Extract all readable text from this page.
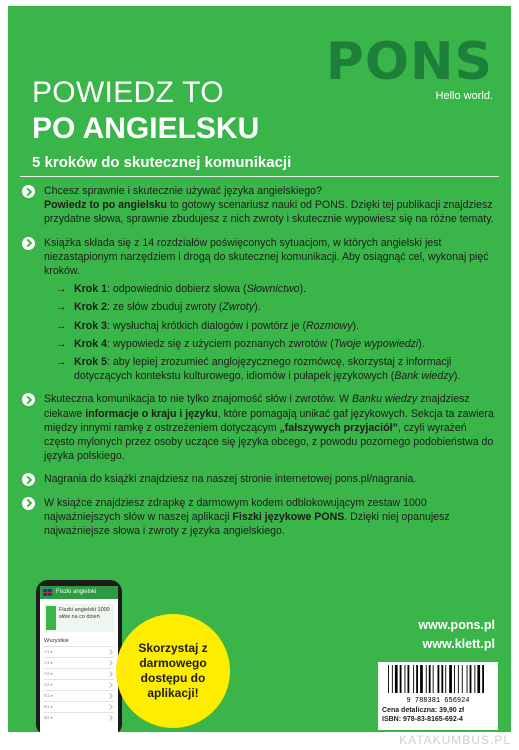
PONS
Hello world.
POWIEDZ TO
PO ANGIELSKU
5 kroków do skutecznej komunikacji
Chcesz sprawnie i skutecznie używać języka angielskiego?
Powiedz to po angielsku to gotowy scenariusz nauki od PONS. Dzięki tej publikacji znajdziesz przydatne słowa, sprawnie zbudujesz z nich zwroty i skutecznie wypowiesz się na różne tematy.
Książka składa się z 14 rozdziałów poświęconych sytuacjom, w których angielski jest niezastąpionym narzędziem i drogą do skutecznej komunikacji. Aby osiągnąć cel, wykonaj pięć kroków.
→ Krok 1: odpowiednio dobierz słowa (Słownictwo).
→ Krok 2: ze słów zbuduj zwroty (Zwroty).
→ Krok 3: wysłuchaj krótkich dialogów i powtórz je (Rozmowy).
→ Krok 4: wypowiedz się z użyciem poznanych zwrotów (Twoje wypowiedzi).
→ Krok 5: aby lepiej zrozumieć anglojęzycznego rozmówcę, skorzystaj z informacji dotyczących kontekstu kulturowego, idiomów i pułapek językowych (Bank wiedzy).
Skuteczna komunikacja to nie tylko znajomość słów i zwrotów. W Banku wiedzy znajdziesz ciekawe informacje o kraju i języku, które pomagają unikać gaf językowych. Sekcja ta zawiera między innymi ramkę z ostrzeżeniem dotyczącym „fałszywych przyjaciół”, czyli wyrażeń często mylonych przez osoby uczące się języka obcego, z powodu pozornego podobieństwa do języka polskiego.
Nagrania do książki znajdziesz na naszej stronie internetowej pons.pl/nagrania.
W książce znajdziesz zdrapkę z darmowym kodem odblokowującym zestaw 1000 najważniejszych słów w naszej aplikacji Fiszki językowe PONS. Dzięki niej opanujesz najważniejsze słowa i zwroty z języka angielskiego.
Fiszki angielski
Fiszki angielski 1000 słów na co dzień
Wszystkie
A1 ▸
A1 ▸
A2 ▸
A2 ▸
B1 ▸
B1 ▸
B2 ▸
Skorzystaj z darmowego dostępu do aplikacji!
www.pons.pl
www.klett.pl
9 788381 656924
Cena detaliczna: 39,90 zł
ISBN: 978-83-8165-692-4
KATAKUMBUS.PL
